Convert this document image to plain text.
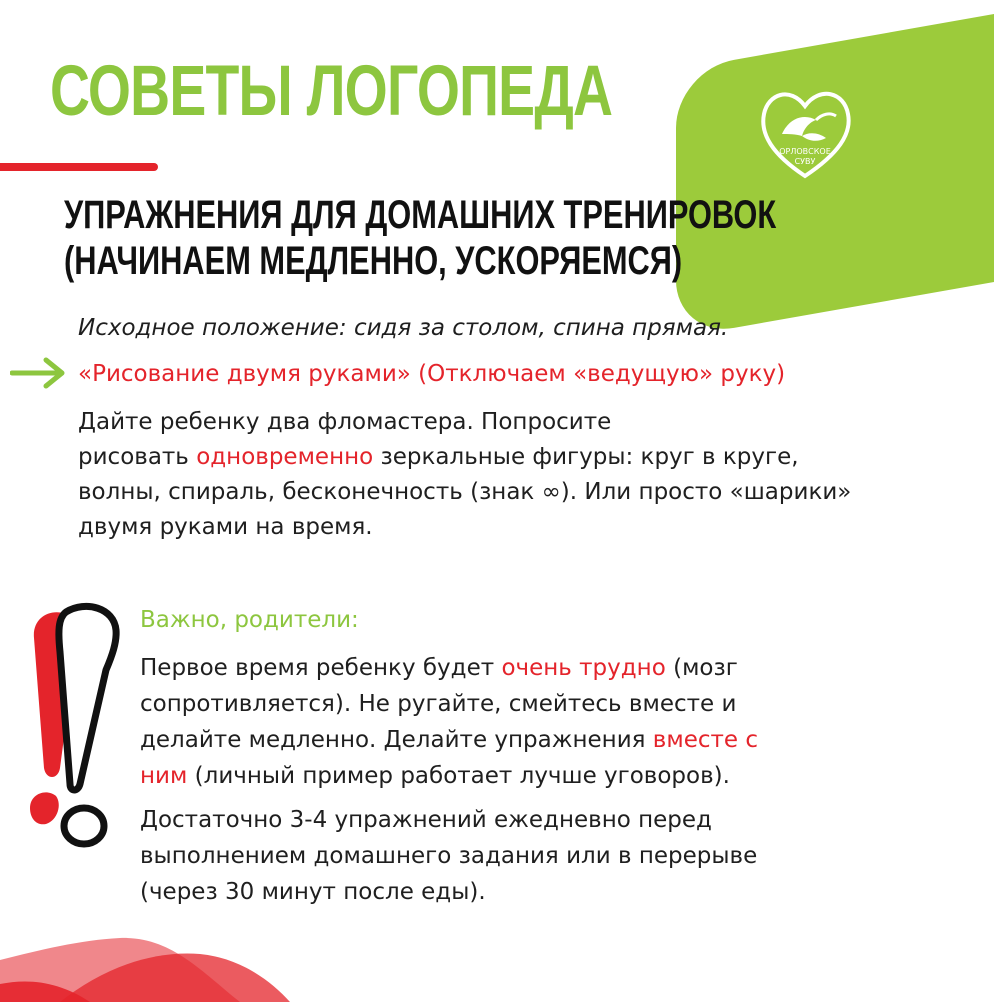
ОРЛОВСКОЕ
СУВУ
СОВЕТЫ ЛОГОПЕДА
УПРАЖНЕНИЯ ДЛЯ ДОМАШНИХ ТРЕНИРОВОК
(НАЧИНАЕМ МЕДЛЕННО, УСКОРЯЕМСЯ)
Исходное положение: сидя за столом, спина прямая.
«Рисование двумя руками» (Отключаем «ведущую» руку)

Дайте ребенку два фломастера. Попросите
рисовать одновременно зеркальные фигуры: круг в круге,
волны, спираль, бесконечность (знак ∞). Или просто «шарики»
двумя руками на время.

Важно, родители:

Первое время ребенку будет очень трудно (мозг
сопротивляется). Не ругайте, смейтесь вместе и
делайте медленно. Делайте упражнения вместе с
ним (личный пример работает лучше уговоров).

Достаточно 3-4 упражнений ежедневно перед
выполнением домашнего задания или в перерыве
(через 30 минут после еды).
